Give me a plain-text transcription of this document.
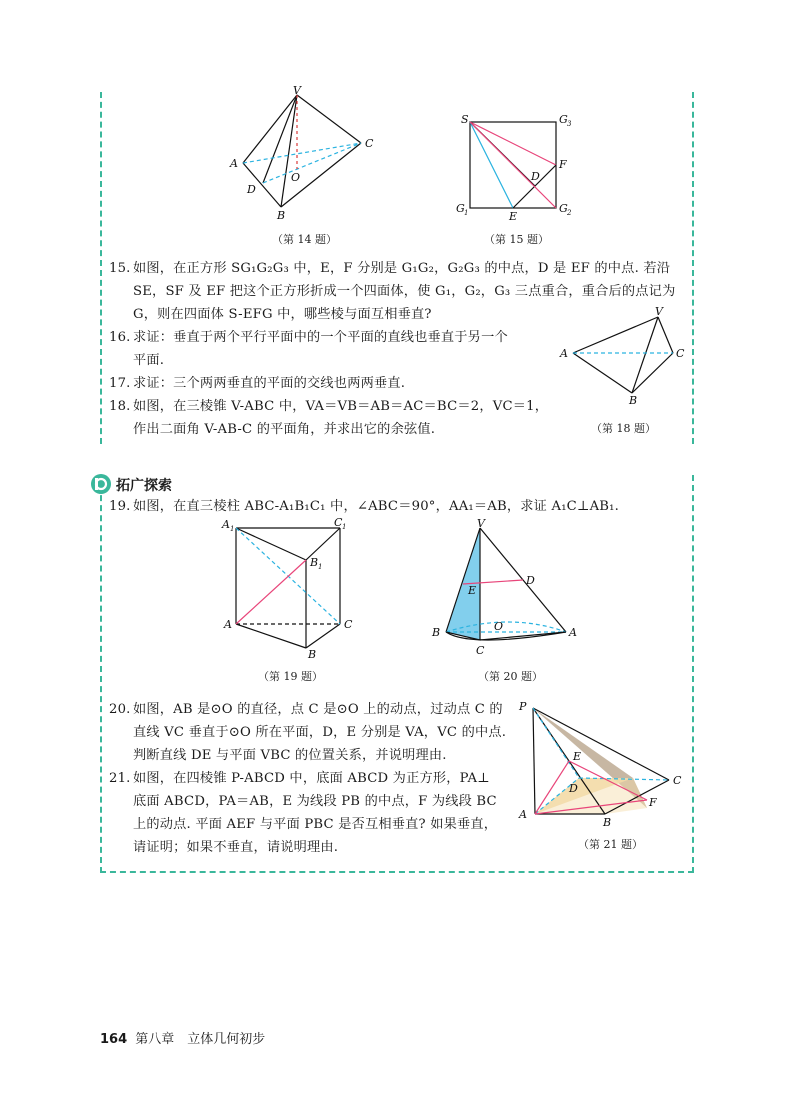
V
A
C
O
D
B
（第 14 题）
S	G 3
G 1	E
G 2
F
D
（第 15 题）
15. 如图，在正方形 SG₁G₂G₃ 中，E，F 分别是 G₁G₂，G₂G₃ 的中点，D 是 EF 的中点. 若沿
SE，SF 及 EF 把这个正方形折成一个四面体，使 G₁，G₂，G₃ 三点重合，重合后的点记为
G，则在四面体 S-EFG 中，哪些棱与面互相垂直?
16. 求证：垂直于两个平行平面中的一个平面的直线也垂直于另一个
平面.
17. 求证：三个两两垂直的平面的交线也两两垂直.
18. 如图，在三棱锥 V-ABC 中，VA＝VB＝AB＝AC＝BC＝2，VC＝1，
作出二面角 V-AB-C 的平面角，并求出它的余弦值.
V
A	C
B
（第 18 题）
拓广探索
19. 如图，在直三棱柱 ABC-A₁B₁C₁ 中，∠ABC＝90°，AA₁＝AB，求证 A₁C⊥AB₁.
A 1	C 1
B 1
A	C
B
（第 19 题）
V
E
D
B	O	A
C
（第 20 题）
20. 如图，AB 是⊙O 的直径，点 C 是⊙O 上的动点，过动点 C 的
直线 VC 垂直于⊙O 所在平面，D，E 分别是 VA，VC 的中点.
判断直线 DE 与平面 VBC 的位置关系，并说明理由.
21. 如图，在四棱锥 P-ABCD 中，底面 ABCD 为正方形，PA⊥
底面 ABCD，PA＝AB，E 为线段 PB 的中点，F 为线段 BC
上的动点. 平面 AEF 与平面 PBC 是否互相垂直? 如果垂直，
请证明；如果不垂直，请说明理由.
P
E
D
C
F
A
B
（第 21 题）
164 第八章　立体几何初步
